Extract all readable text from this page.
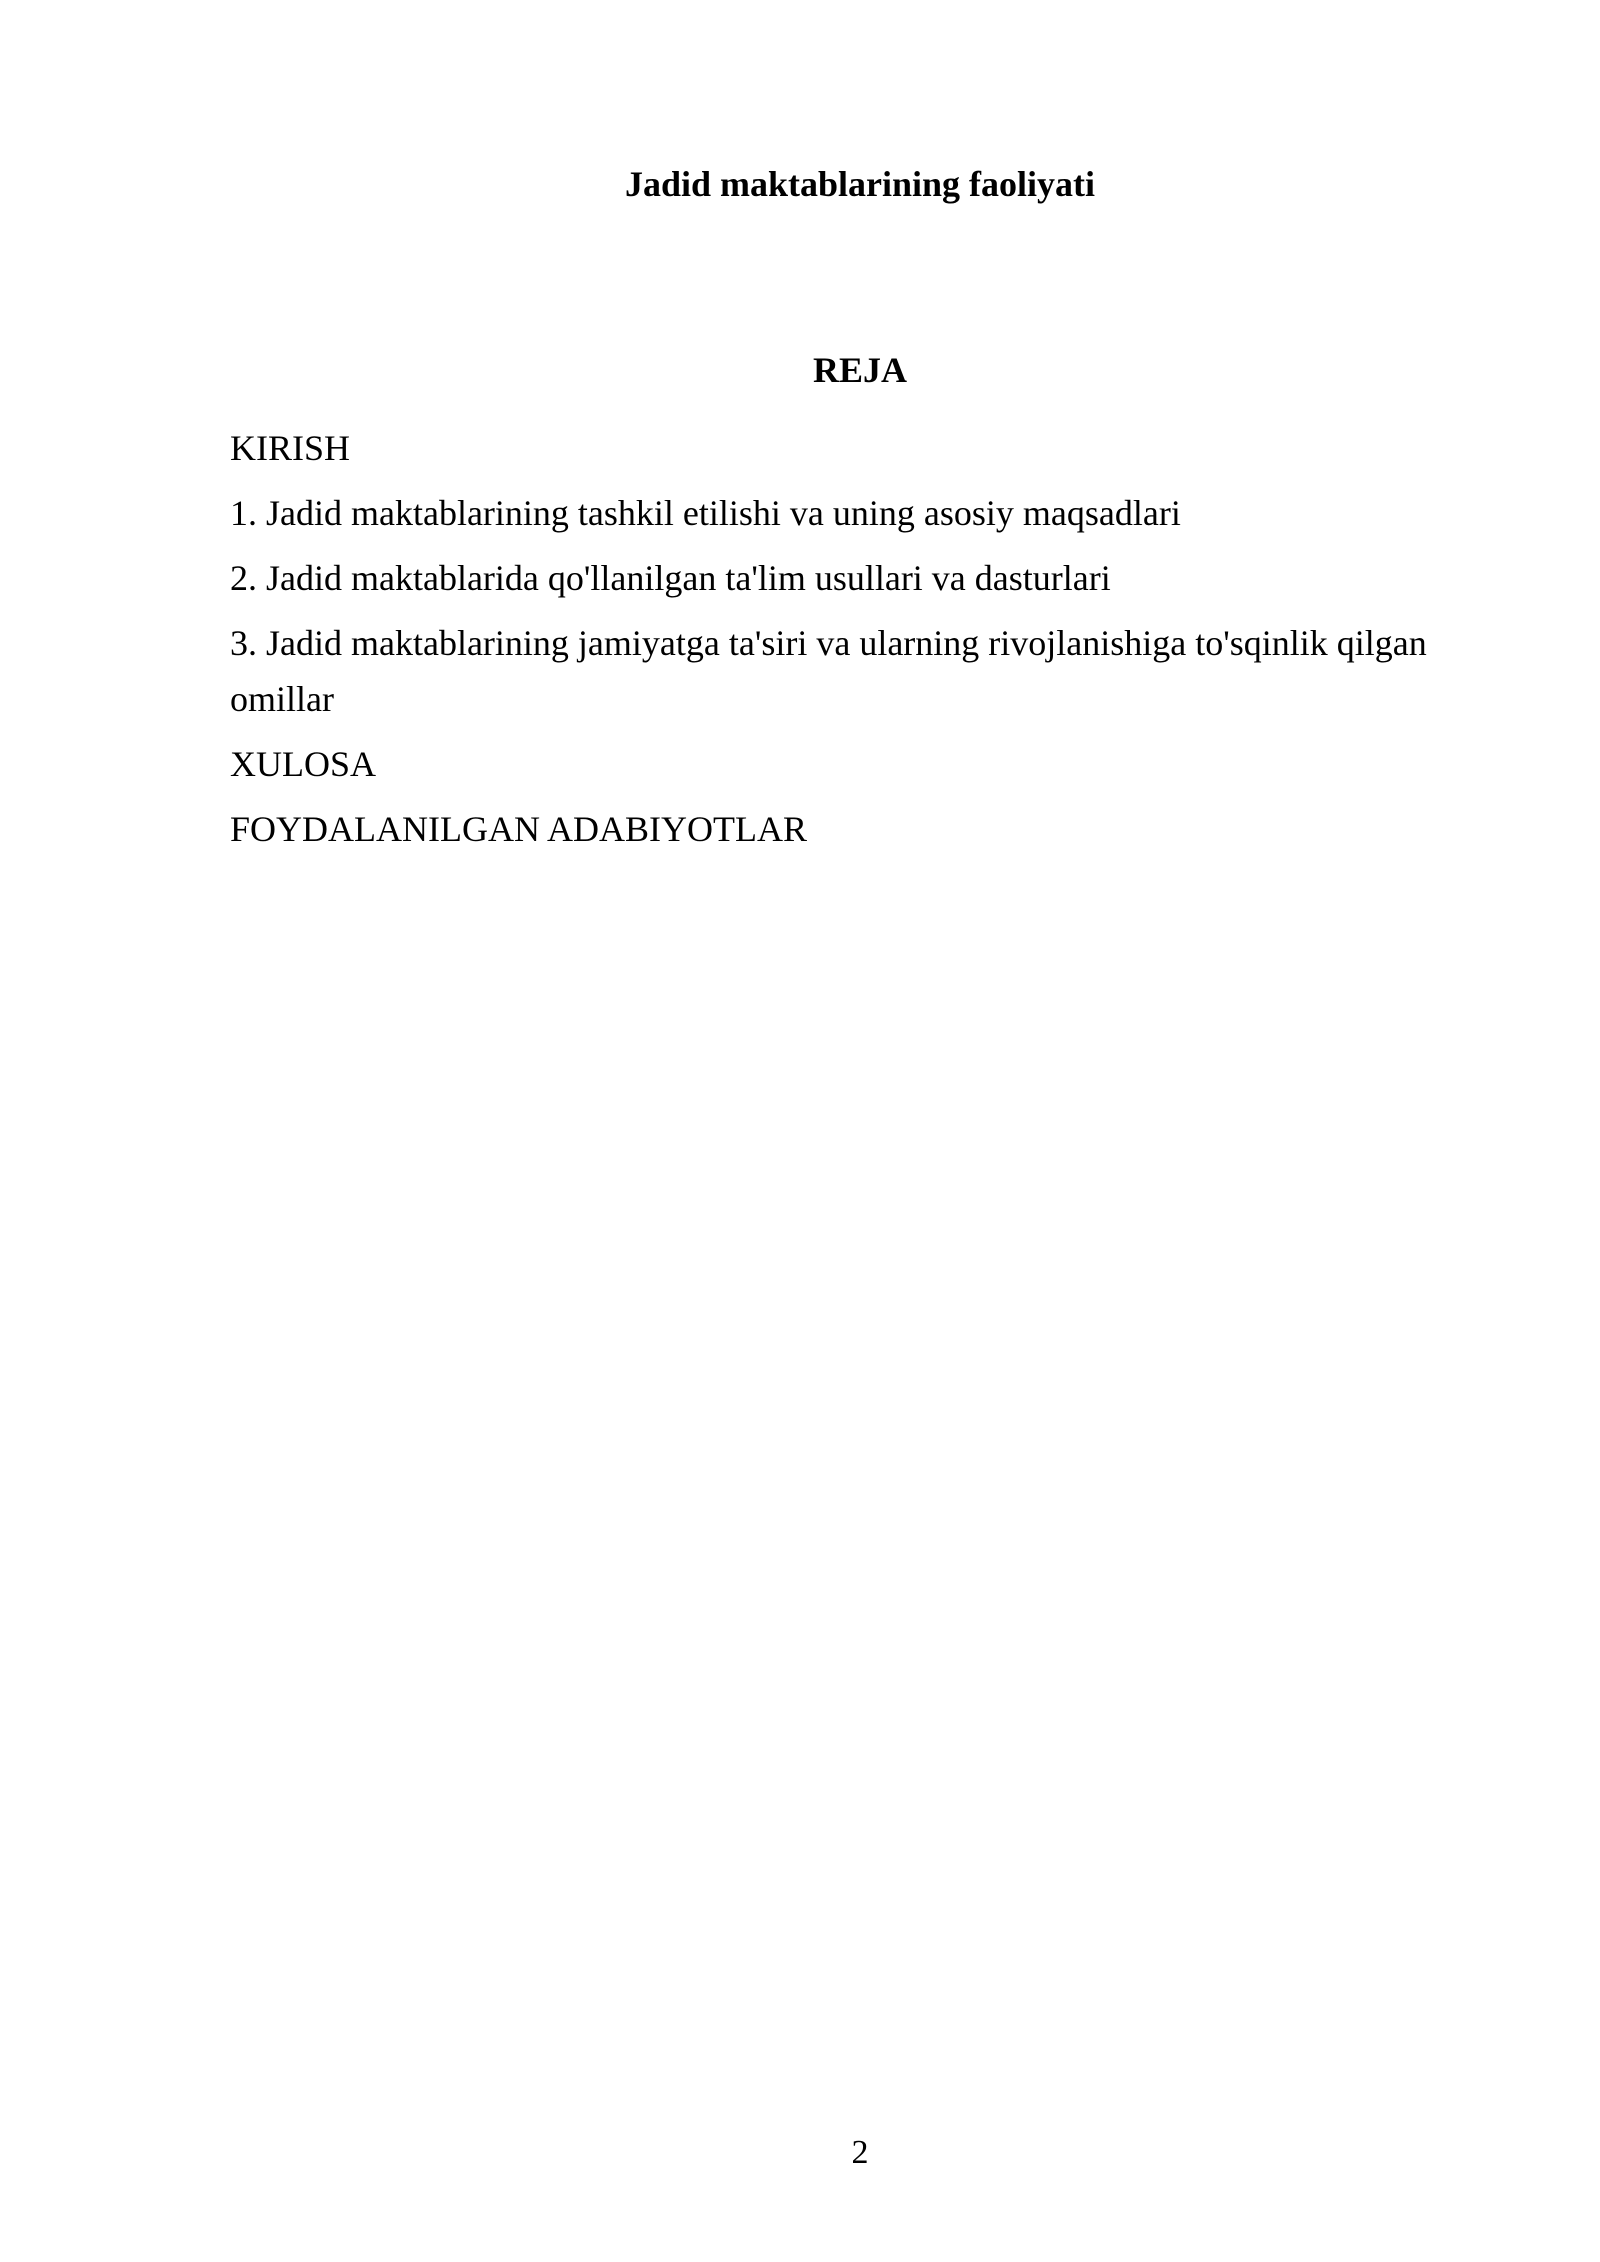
Jadid maktablarining faoliyati
REJA
KIRISH
1. Jadid maktablarining tashkil etilishi va uning asosiy maqsadlari
2. Jadid maktablarida qo'llanilgan ta'lim usullari va dasturlari
3. Jadid maktablarining jamiyatga ta'siri va ularning rivojlanishiga to'sqinlik qilgan omillar
XULOSA
FOYDALANILGAN ADABIYOTLAR
2
